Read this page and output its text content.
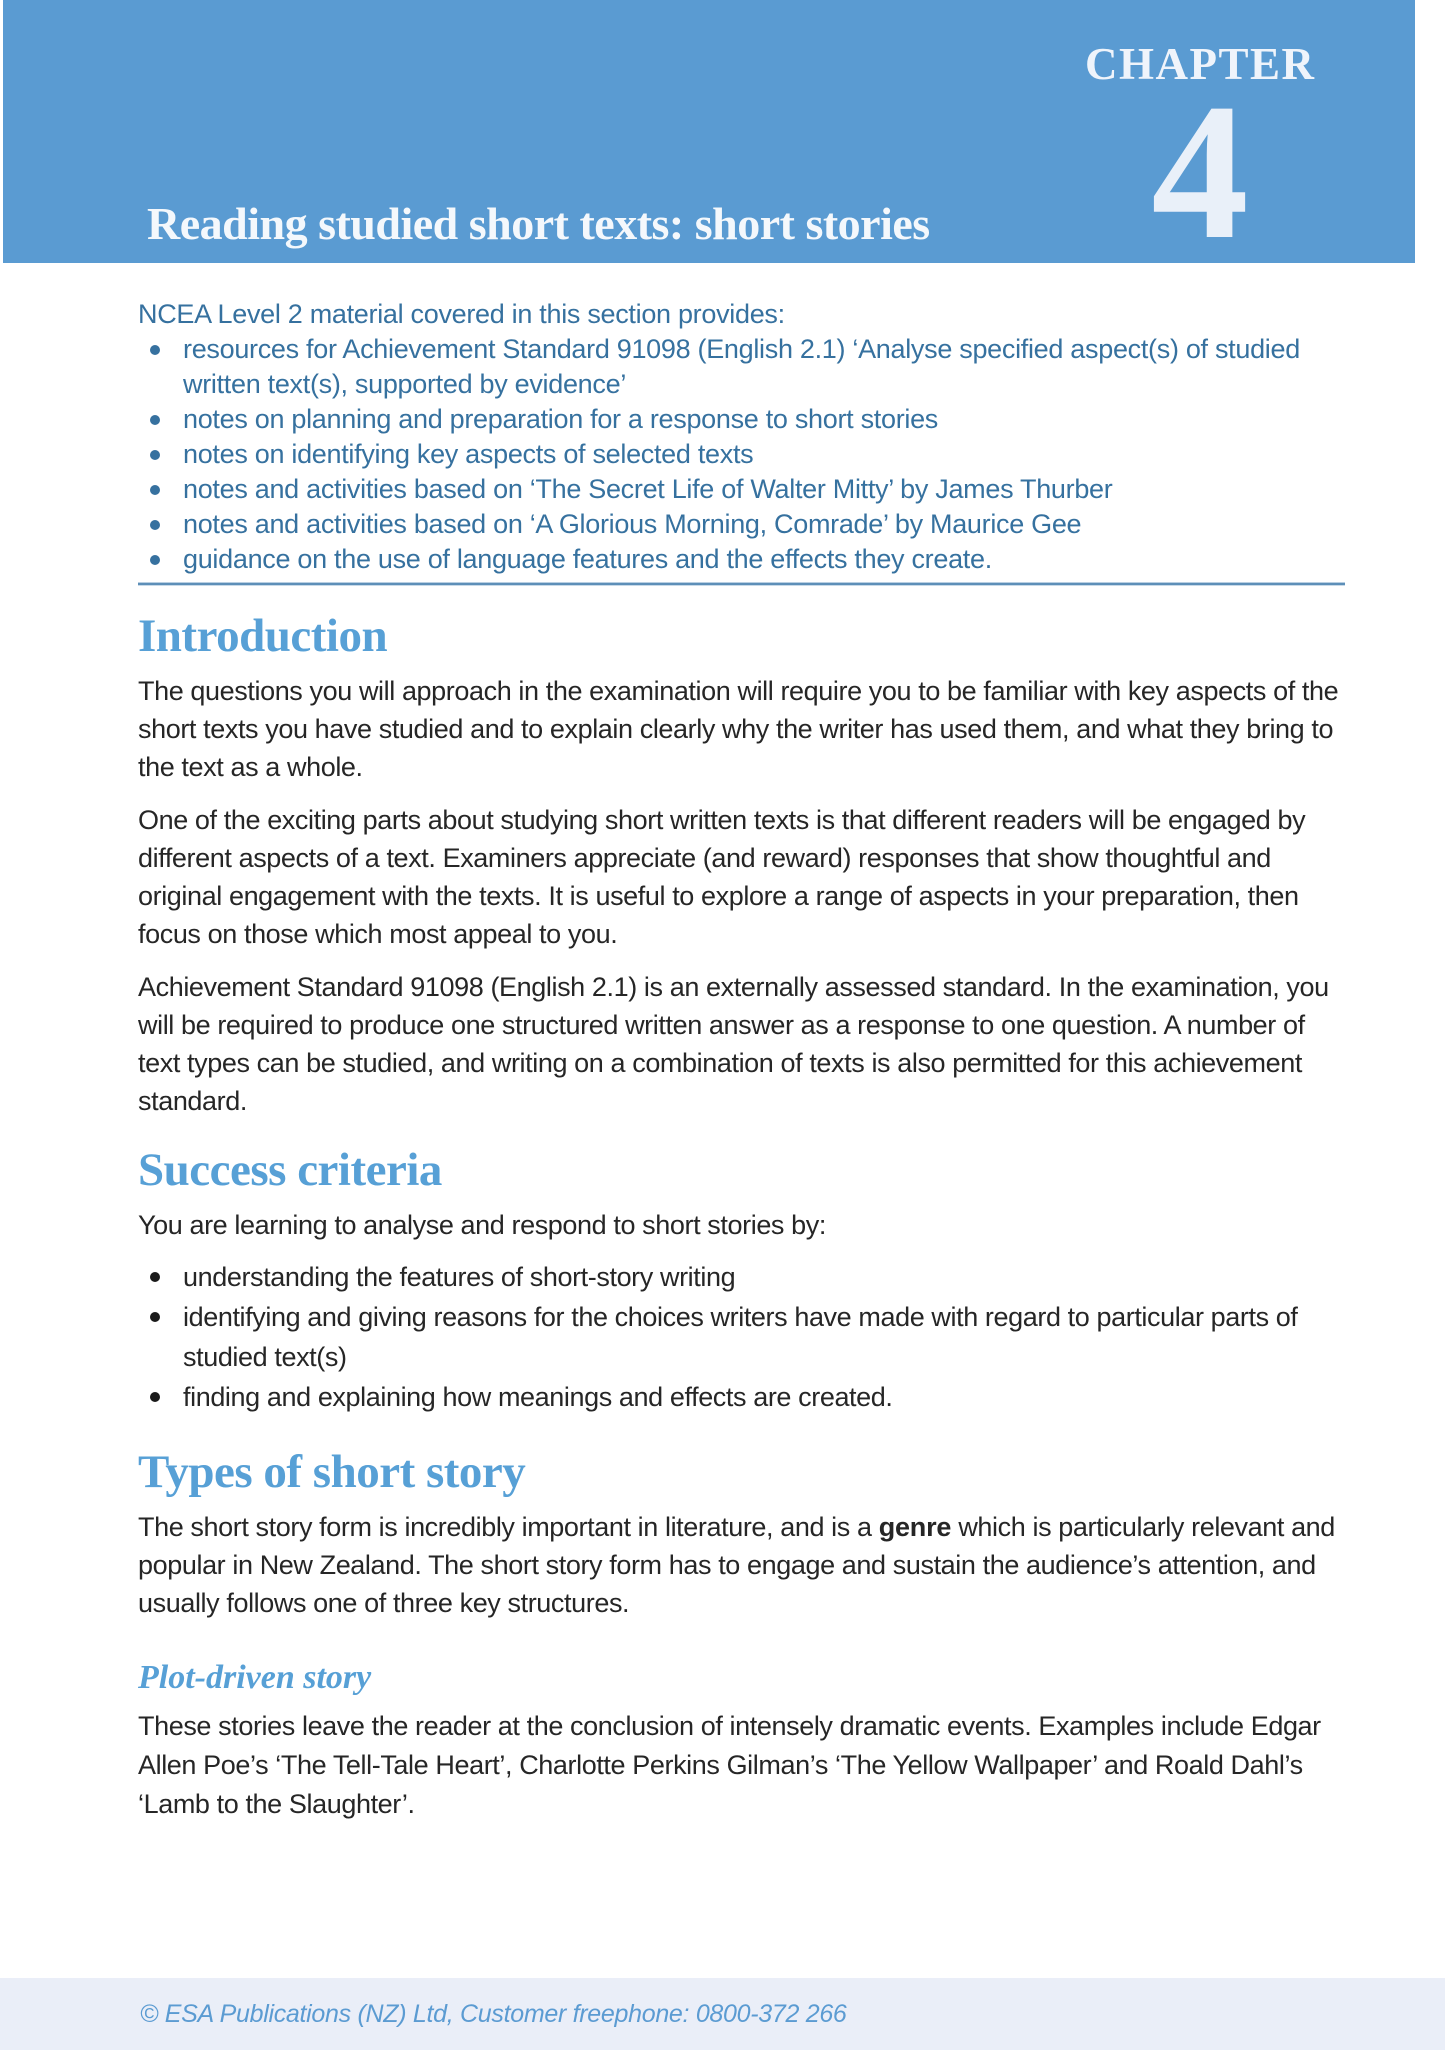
CHAPTER
4
Reading studied short texts: short stories
NCEA Level 2 material covered in this section provides:
resources for Achievement Standard 91098 (English 2.1) ‘Analyse specified aspect(s) of studied written text(s), supported by evidence’
notes on planning and preparation for a response to short stories
notes on identifying key aspects of selected texts
notes and activities based on ‘The Secret Life of Walter Mitty’ by James Thurber
notes and activities based on ‘A Glorious Morning, Comrade’ by Maurice Gee
guidance on the use of language features and the effects they create.
Introduction

The questions you will approach in the examination will require you to be familiar with key aspects of the short texts you have studied and to explain clearly why the writer has used them, and what they bring to the text as a whole.

One of the exciting parts about studying short written texts is that different readers will be engaged by different aspects of a text. Examiners appreciate (and reward) responses that show thoughtful and original engagement with the texts. It is useful to explore a range of aspects in your preparation, then focus on those which most appeal to you.

Achievement Standard 91098 (English 2.1) is an externally assessed standard. In the examination, you will be required to produce one structured written answer as a response to one question. A number of text types can be studied, and writing on a combination of texts is also permitted for this achievement standard.

Success criteria

You are learning to analyse and respond to short stories by:

understanding the features of short-story writing
identifying and giving reasons for the choices writers have made with regard to particular parts of studied text(s)
finding and explaining how meanings and effects are created.
Types of short story

The short story form is incredibly important in literature, and is a genre which is particularly relevant and popular in New Zealand. The short story form has to engage and sustain the audience’s attention, and usually follows one of three key structures.

Plot-driven story

These stories leave the reader at the conclusion of intensely dramatic events. Examples include Edgar Allen Poe’s ‘The Tell-Tale Heart’, Charlotte Perkins Gilman’s ‘The Yellow Wallpaper’ and Roald Dahl’s ‘Lamb to the Slaughter’.

© ESA Publications (NZ) Ltd, Customer freephone: 0800-372 266
